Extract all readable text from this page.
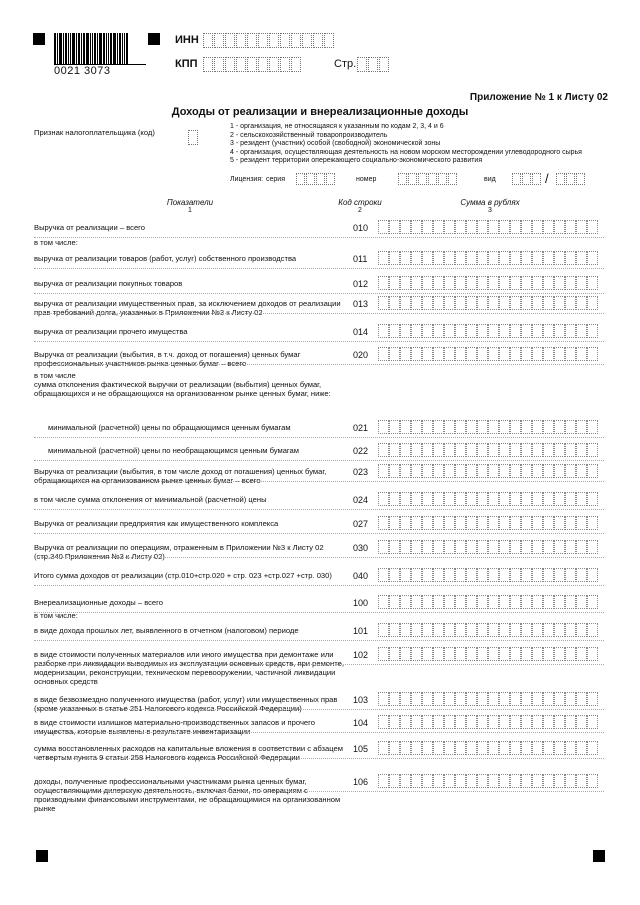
0021 3073
ИНН
КПП	Стр.
Приложение № 1 к Листу 02
Доходы от реализации и внереализационные доходы
Признак налогоплательщика (код)
1 - организация, не относящаяся к указанным по кодам 2, 3, 4 и 6
2 - сельскохозяйственный товаропроизводитель
3 - резидент (участник) особой (свободной) экономической зоны
4 - организация, осуществляющая деятельность на новом морском месторождении углеводородного сырья
5 - резидент территории опережающего социально-экономического развития
Лицензия: серия	номер	вид	/
Показатели
1
Код строки
2
Сумма в рублях
3
Выручка от реализации – всего	010
в том числе:
выручка от реализации товаров (работ, услуг) собственного производства	011
выручка от реализации покупных товаров	012
выручка от реализации имущественных прав, за исключением доходов от реализации прав требований долга, указанных в Приложении №3 к Листу 02
013
выручка от реализации прочего имущества	014
Выручка от реализации (выбытия, в т.ч. доход от погашения) ценных бумаг профессиональных участников рынка ценных бумаг – всего
020
в том числе
сумма отклонения фактической выручки от реализации (выбытия) ценных бумаг, обращающихся и не обращающихся на организованном рынке ценных бумаг, ниже:
минимальной (расчетной) цены по обращающимся ценным бумагам	021
минимальной (расчетной) цены по необращающимся ценным бумагам	022
Выручка от реализации (выбытия, в том числе доход от погашения) ценных бумаг, обращающихся на организованном рынке ценных бумаг – всего
023
в том числе сумма отклонения от минимальной (расчетной) цены	024
Выручка от реализации предприятия как имущественного комплекса	027
Выручка от реализации по операциям, отраженным в Приложении №3 к Листу 02 (стр.340 Приложения №3 к Листу 02)
030
Итого сумма доходов от реализации (стр.010+стр.020 + стр. 023 +стр.027 +стр. 030)	040
Внереализационные доходы – всего	100
в том числе:
в виде дохода прошлых лет, выявленного в отчетном (налоговом) периоде	101
в виде стоимости полученных материалов или иного имущества при демонтаже или разборке при ликвидации выводимых из эксплуатации основных средств, при ремонте, модернизации, реконструкции, техническом перевооружении, частичной ликвидации основных средств
102
в виде безвозмездно полученного имущества (работ, услуг) или имущественных прав (кроме указанных в статье 251 Налогового кодекса Российской Федерации)
103
в виде стоимости излишков материально-производственных запасов и прочего имущества, которые выявлены в результате инвентаризации
104
сумма восстановленных расходов на капитальные вложения в соответствии с абзацем четвертым пункта 9 статьи 258 Налогового кодекса Российской Федерации
105
доходы, полученные профессиональными участниками рынка ценных бумаг, осуществляющими дилерскую деятельность, включая банки, по операциям с производными финансовыми инструментами, не обращающимися на организованном рынке
106
